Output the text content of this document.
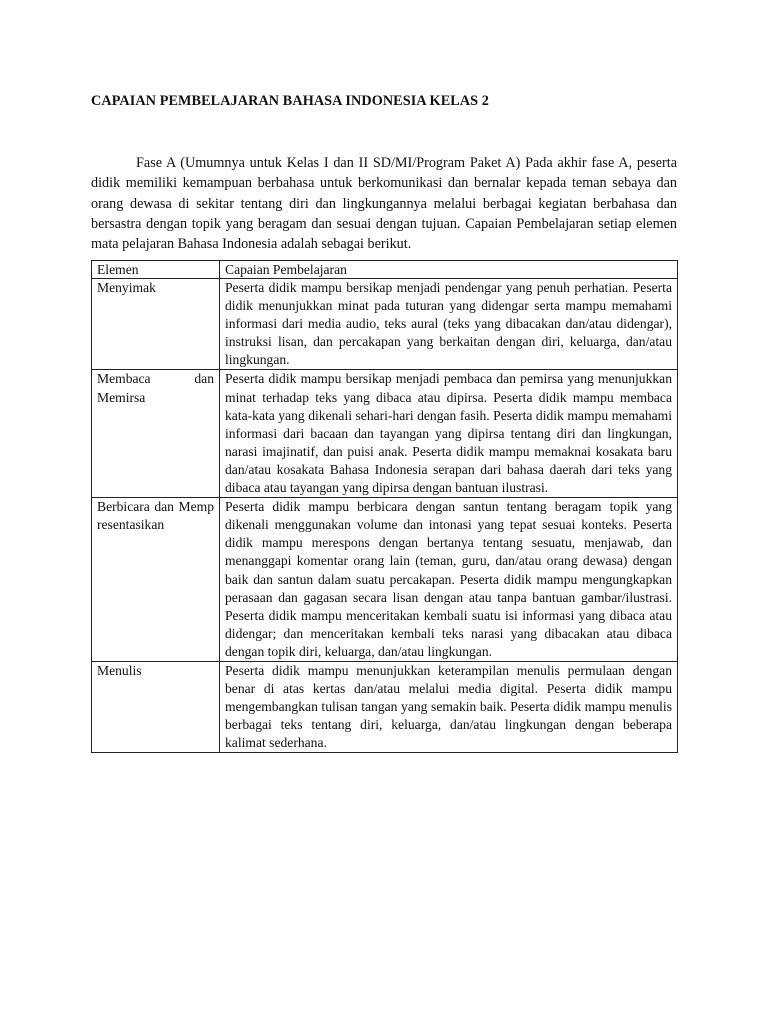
CAPAIAN PEMBELAJARAN BAHASA INDONESIA KELAS 2

Fase A (Umumnya untuk Kelas I dan II SD/MI/Program Paket A) Pada akhir fase A, peserta didik memiliki kemampuan berbahasa untuk berkomunikasi dan bernalar kepada teman sebaya dan orang dewasa di sekitar tentang diri dan lingkungannya melalui berbagai kegiatan berbahasa dan bersastra dengan topik yang beragam dan sesuai dengan tujuan. Capaian Pembelajaran setiap elemen mata pelajaran Bahasa Indonesia adalah sebagai berikut.

Elemen	Capaian Pembelajaran
Menyimak	Peserta didik mampu bersikap menjadi pendengar yang penuh perhatian. Peserta didik menunjukkan minat pada tuturan yang didengar serta mampu memahami informasi dari media audio, teks aural (teks yang dibacakan dan/atau didengar), instruksi lisan, dan percakapan yang berkaitan dengan diri, keluarga, dan/atau lingkungan.
Membaca dan Memirsa	Peserta didik mampu bersikap menjadi pembaca dan pemirsa yang menunjukkan minat terhadap teks yang dibaca atau dipirsa. Peserta didik mampu membaca kata-kata yang dikenali sehari-hari dengan fasih. Peserta didik mampu memahami informasi dari bacaan dan tayangan yang dipirsa tentang diri dan lingkungan, narasi imajinatif, dan puisi anak. Peserta didik mampu memaknai kosakata baru dan/atau kosakata Bahasa Indonesia serapan dari bahasa daerah dari teks yang dibaca atau tayangan yang dipirsa dengan bantuan ilustrasi.
Berbicara dan Mempresentasikan	Peserta didik mampu berbicara dengan santun tentang beragam topik yang dikenali menggunakan volume dan intonasi yang tepat sesuai konteks. Peserta didik mampu merespons dengan bertanya tentang sesuatu, menjawab, dan menanggapi komentar orang lain (teman, guru, dan/atau orang dewasa) dengan baik dan santun dalam suatu percakapan. Peserta didik mampu mengungkapkan perasaan dan gagasan secara lisan dengan atau tanpa bantuan gambar/ilustrasi. Peserta didik mampu menceritakan kembali suatu isi informasi yang dibaca atau didengar; dan menceritakan kembali teks narasi yang dibacakan atau dibaca dengan topik diri, keluarga, dan/atau lingkungan.
Menulis	Peserta didik mampu menunjukkan keterampilan menulis permulaan dengan benar di atas kertas dan/atau melalui media digital. Peserta didik mampu mengembangkan tulisan tangan yang semakin baik. Peserta didik mampu menulis berbagai teks tentang diri, keluarga, dan/atau lingkungan dengan beberapa kalimat sederhana.
